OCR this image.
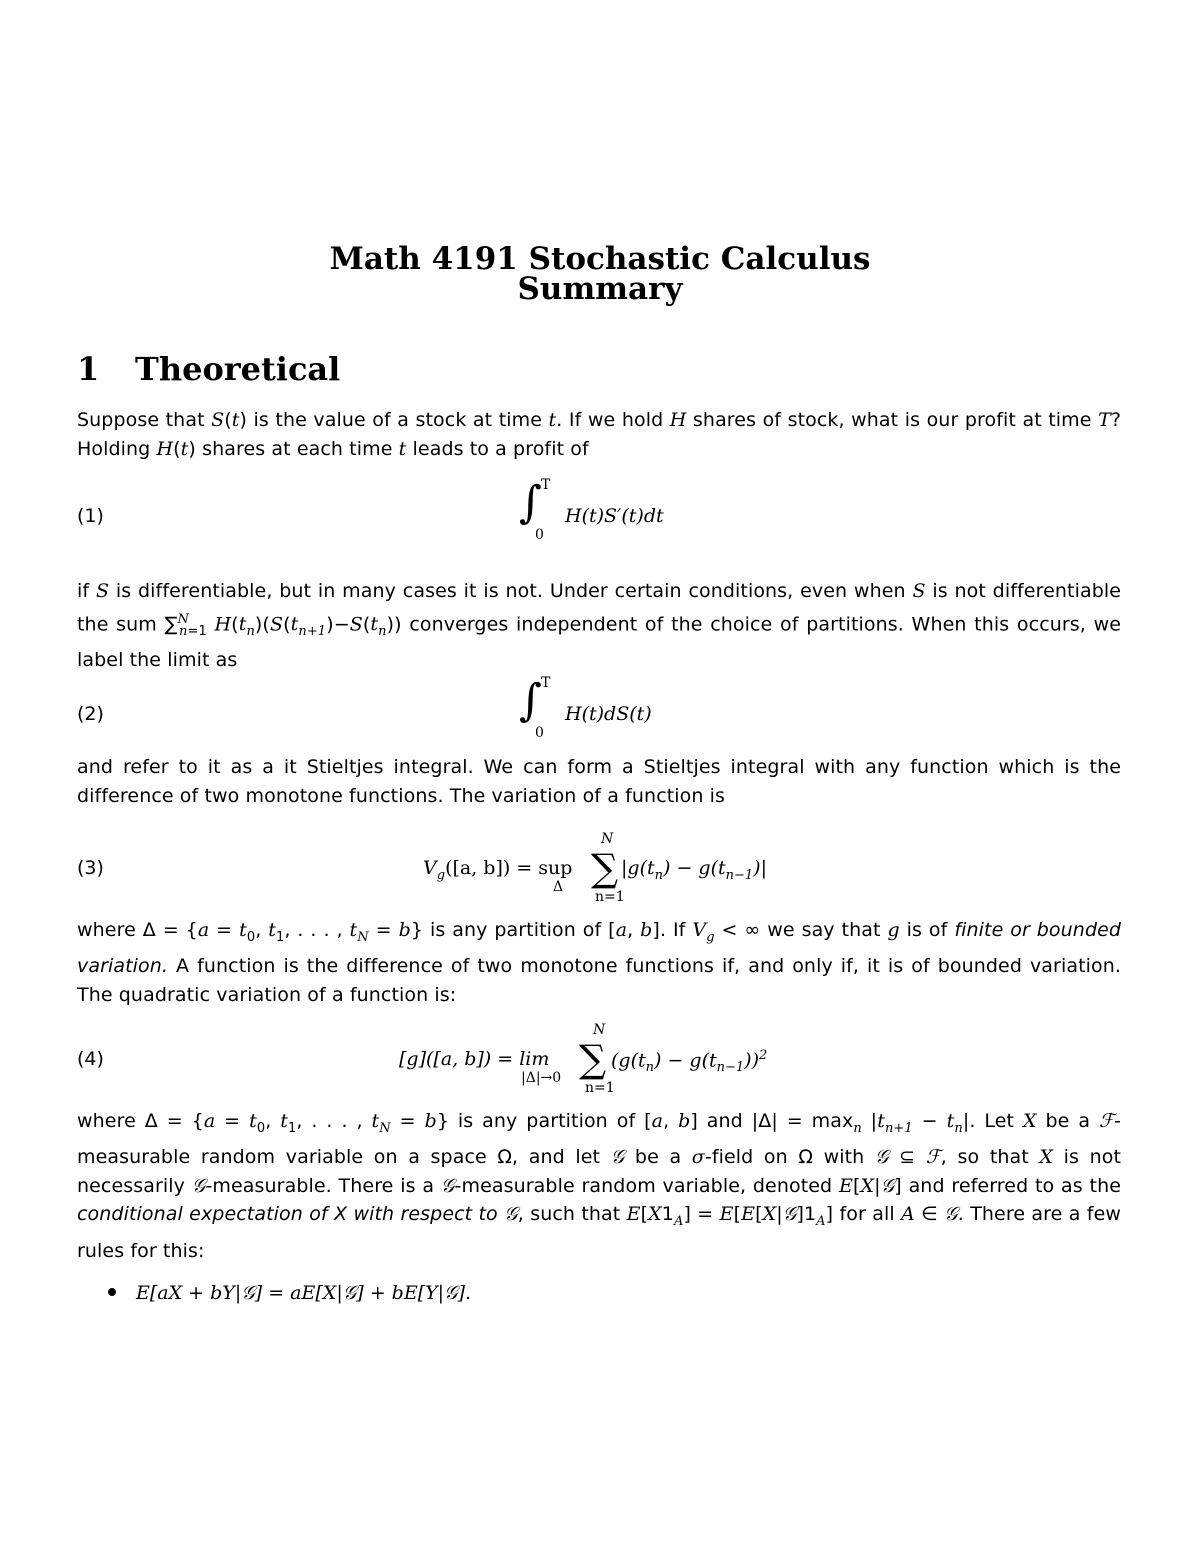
Math 4191 Stochastic Calculus
Summary
1 Theoretical
Suppose that S(t) is the value of a stock at time t. If we hold H shares of stock, what is our profit at time T? Holding H(t) shares at each time t leads to a profit of
(1)	∫ T
0
H(t)S′(t)dt
if S is differentiable, but in many cases it is not. Under certain conditions, even when S is not differentiable the sum ∑$^N_{n=1}$ $H(t_n)(S(t_{n+1})-S(t_n))$ converges independent of the choice of partitions. When this occurs, we label the limit as
(2)	∫ T
0
H(t)dS(t)
and refer to it as a it Stieltjes integral. We can form a Stieltjes integral with any function which is the difference of two monotone functions. The variation of a function is
(3)	$V_g([a$, b]) = sup
Δ ∑
N
n=1
$|g(t_n) - g(t_{n-1})|$
where $\Delta = \{a = t_0$, $t_1$, . . . , $t_N = b$} is any partition of [a, b]. If $V_g$ < ∞ we say that g is of finite or bounded variation. A function is the difference of two monotone functions if, and only if, it is of bounded variation. The quadratic variation of a function is:
(4)	[g]([a, b]) = lim
|Δ|→0 ∑
N
n=1
$(g(t_n) - g(t_{n-1}))^2$
where $\Delta = \{a = t_0$, $t_1$, . . . , $t_N = b$} is any partition of [a, b] and $|\Delta| = \max_n |t_{n+1} - t_n|$. Let X be a ℱ-measurable random variable on a space Ω, and let 𝒢 be a σ-field on Ω with 𝒢 ⊆ ℱ, so that X is not necessarily 𝒢-measurable. There is a 𝒢-measurable random variable, denoted E[X|𝒢] and referred to as the conditional expectation of X with respect to 𝒢, such that $E[X1_A]$ = $E[E[X|𝒢]1_A]$ for all A ∈ 𝒢. There are a few rules for this:
E[aX + bY|𝒢] = aE[X|𝒢] + bE[Y|𝒢].
